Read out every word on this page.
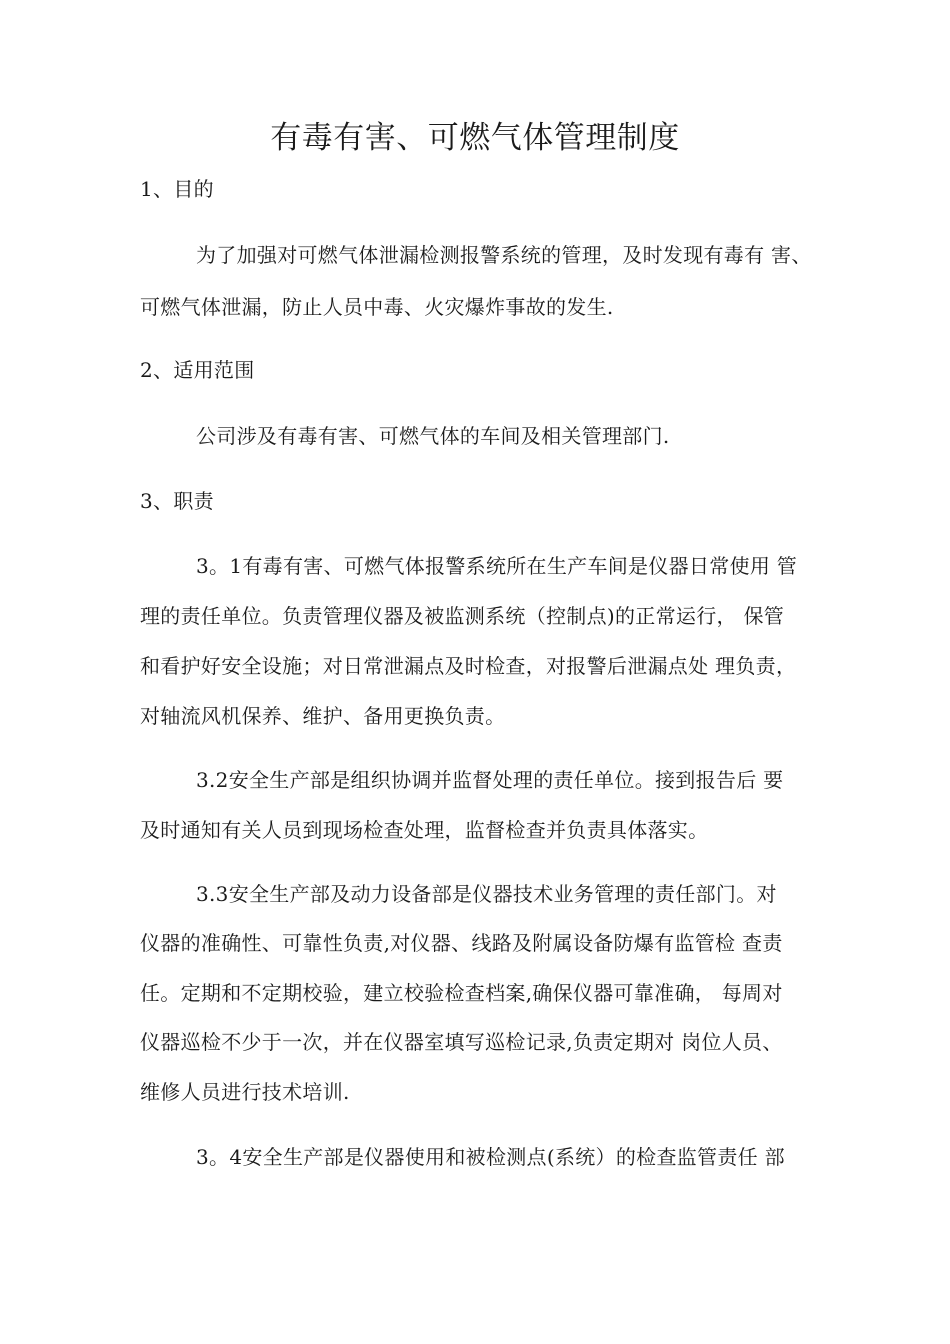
有毒有害、可燃气体管理制度
1、目的
为了加强对可燃气体泄漏检测报警系统的管理，及时发现有毒有 害、
可燃气体泄漏，防止人员中毒、火灾爆炸事故的发生.
2、适用范围
公司涉及有毒有害、可燃气体的车间及相关管理部门.
3、职责
3。1有毒有害、可燃气体报警系统所在生产车间是仪器日常使用 管
理的责任单位。负责管理仪器及被监测系统（控制点)的正常运行， 保管
和看护好安全设施；对日常泄漏点及时检查，对报警后泄漏点处 理负责，
对轴流风机保养、维护、备用更换负责。
3.2安全生产部是组织协调并监督处理的责任单位。接到报告后 要
及时通知有关人员到现场检查处理，监督检查并负责具体落实。
3.3安全生产部及动力设备部是仪器技术业务管理的责任部门。对
仪器的准确性、可靠性负责,对仪器、线路及附属设备防爆有监管检 查责
任。定期和不定期校验，建立校验检查档案,确保仪器可靠准确， 每周对
仪器巡检不少于一次，并在仪器室填写巡检记录,负责定期对 岗位人员、
维修人员进行技术培训.
3。4安全生产部是仪器使用和被检测点(系统）的检查监管责任 部
